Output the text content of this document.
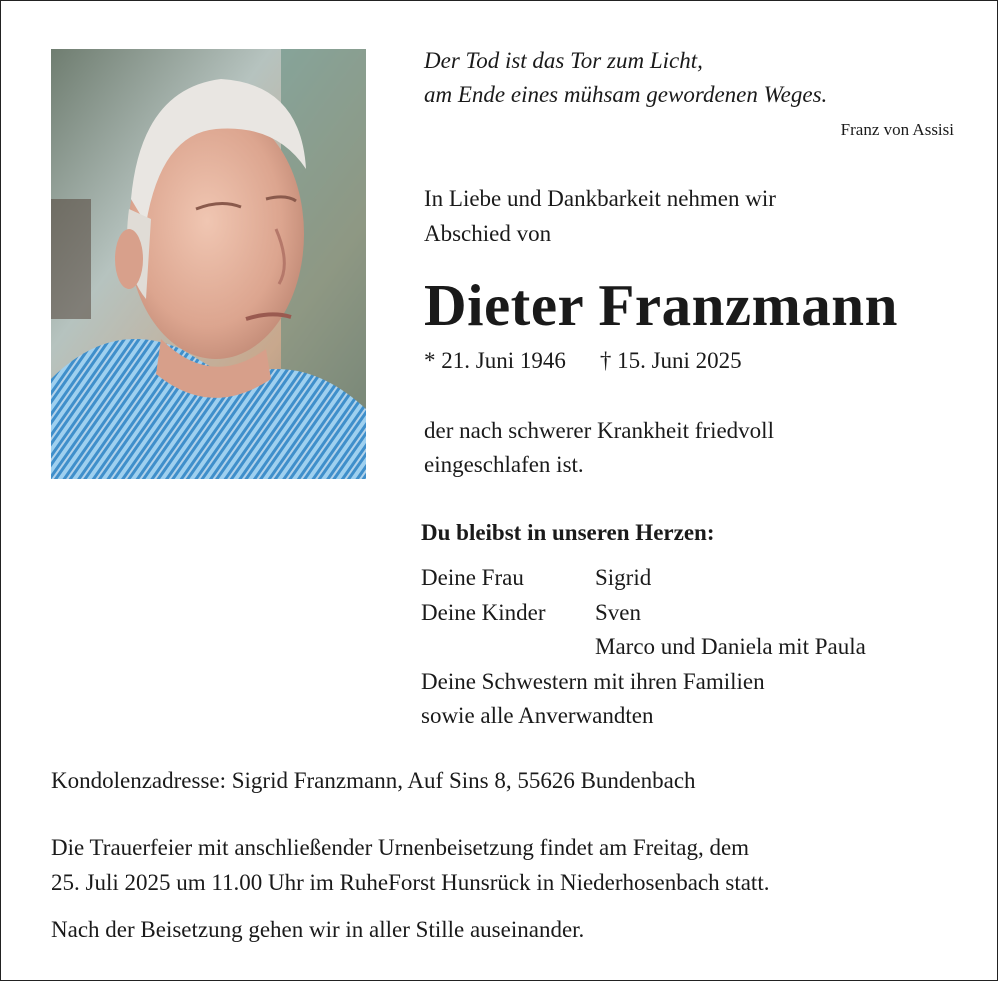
Der Tod ist das Tor zum Licht,
am Ende eines mühsam gewordenen Weges.
Franz von Assisi
In Liebe und Dankbarkeit nehmen wir
Abschied von
Dieter Franzmann
* 21. Juni 1946 † 15. Juni 2025
der nach schwerer Krankheit friedvoll
eingeschlafen ist.
Du bleibst in unseren Herzen:
Deine Frau	Sigrid
Deine Kinder Sven
Marco und Daniela mit Paula
Deine Schwestern mit ihren Familien
sowie alle Anverwandten
Kondolenzadresse: Sigrid Franzmann, Auf Sins 8, 55626 Bundenbach
Die Trauerfeier mit anschließender Urnenbeisetzung findet am Freitag, dem
25. Juli 2025 um 11.00 Uhr im RuheForst Hunsrück in Niederhosenbach statt.
Nach der Beisetzung gehen wir in aller Stille auseinander.
